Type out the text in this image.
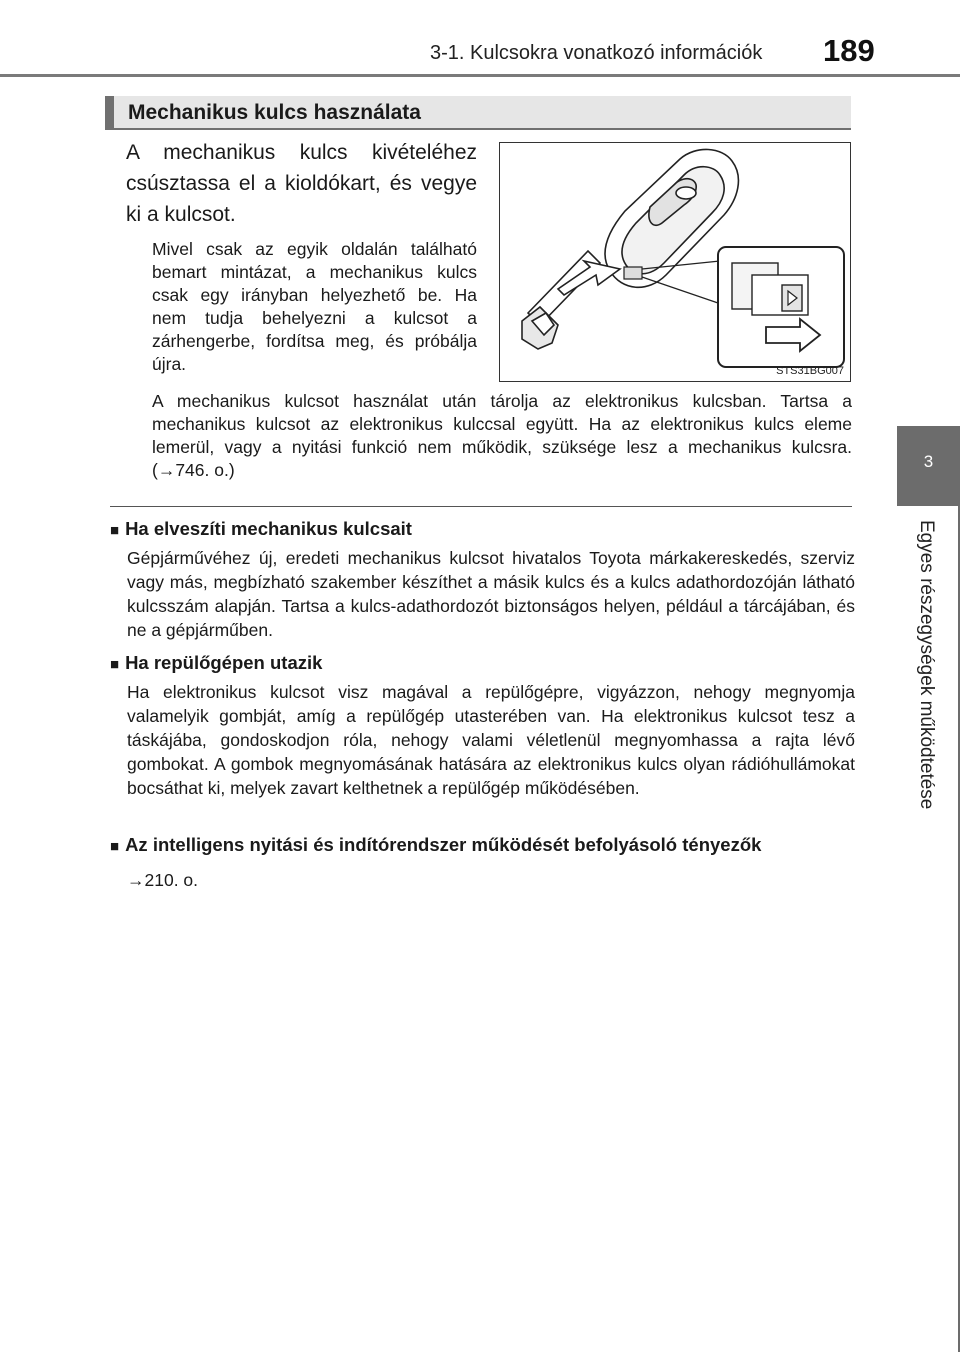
3-1. Kulcsokra vonatkozó információk 189
3
Egyes részegységek működtetése
Mechanikus kulcs használata

A mechanikus kulcs kivételéhez csúsztassa el a kioldókart, és vegye ki a kulcsot.

Mivel csak az egyik oldalán található bemart mintázat, a mechanikus kulcs csak egy irányban helyezhető be. Ha nem tudja behelyezni a kulcsot a zárhengerbe, fordítsa meg, és próbálja újra.	STS31BG007

A mechanikus kulcsot használat után tárolja az elektronikus kulcsban. Tartsa a mechanikus kulcsot az elektronikus kulccsal együtt. Ha az elektronikus kulcs eleme lemerül, vagy a nyitási funkció nem működik, szüksége lesz a mechanikus kulcsra. (→746. o.)

■ Ha elveszíti mechanikus kulcsait

Gépjárművéhez új, eredeti mechanikus kulcsot hivatalos Toyota márkakereskedés, szerviz vagy más, megbízható szakember készíthet a másik kulcs és a kulcs adathordozóján látható kulcsszám alapján. Tartsa a kulcs-adathordozót biztonságos helyen, például a tárcájában, és ne a gépjárműben.

■ Ha repülőgépen utazik

Ha elektronikus kulcsot visz magával a repülőgépre, vigyázzon, nehogy megnyomja valamelyik gombját, amíg a repülőgép utasterében van. Ha elektronikus kulcsot tesz a táskájába, gondoskodjon róla, nehogy valami véletlenül megnyomhassa a rajta lévő gombokat. A gombok megnyomásának hatására az elektronikus kulcs olyan rádióhullámokat bocsáthat ki, melyek zavart kelthetnek a repülőgép működésében.

■ Az intelligens nyitási és indítórendszer működését befolyásoló tényezők

→210. o.
